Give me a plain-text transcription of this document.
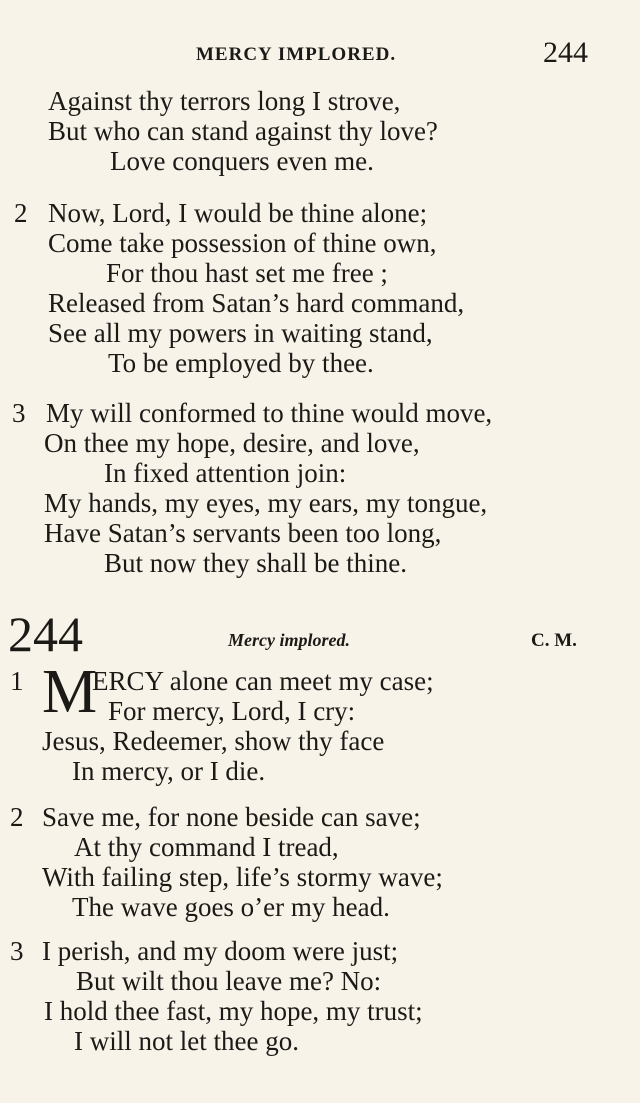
MERCY IMPLORED.	244
Against thy terrors long I strove,
But who can stand against thy love?
Love conquers even me.
2 Now, Lord, I would be thine alone;
Come take possession of thine own,
For thou hast set me free ;
Released from Satan’s hard command,
See all my powers in waiting stand,
To be employed by thee.
3 My will conformed to thine would move,
On thee my hope, desire, and love,
In fixed attention join:
My hands, my eyes, my ears, my tongue,
Have Satan’s servants been too long,
But now they shall be thine.
244	Mercy implored.	C. M.
1 M
ERCY alone can meet my case;
For mercy, Lord, I cry:
Jesus, Redeemer, show thy face
In mercy, or I die.
2 Save me, for none beside can save;
At thy command I tread,
With failing step, life’s stormy wave;
The wave goes o’er my head.
3 I perish, and my doom were just;
But wilt thou leave me? No:
I hold thee fast, my hope, my trust;
I will not let thee go.
